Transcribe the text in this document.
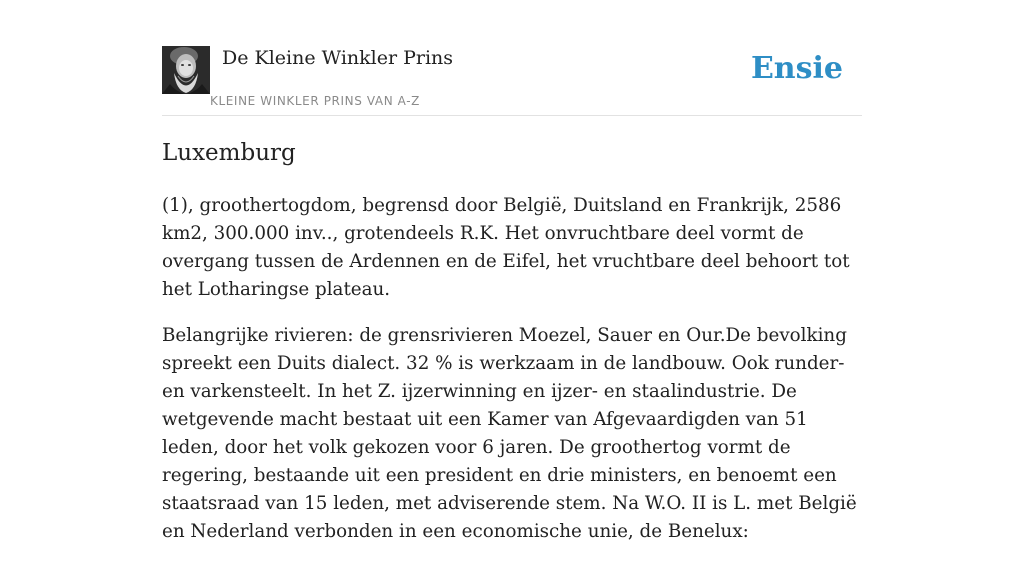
De Kleine Winkler Prins
KLEINE WINKLER PRINS VAN A-Z
Ensie
Luxemburg

(1), groothertogdom, begrensd door België, Duitsland en Frankrijk, 2586 km2, 300.000 inv.., grotendeels R.K. Het onvruchtbare deel vormt de overgang tussen de Ardennen en de Eifel, het vruchtbare deel behoort tot het Lotharingse plateau.

Belangrijke rivieren: de grensrivieren Moezel, Sauer en Our.De bevolking spreekt een Duits dialect. 32 % is werkzaam in de landbouw. Ook runder- en varkensteelt. In het Z. ijzerwinning en ijzer- en staalindustrie. De wetgevende macht bestaat uit een Kamer van Afgevaardigden van 51 leden, door het volk gekozen voor 6 jaren. De groothertog vormt de regering, bestaande uit een president en drie ministers, en benoemt een staatsraad van 15 leden, met adviserende stem. Na W.O. II is L. met België en Nederland verbonden in een economische unie, de Benelux:
